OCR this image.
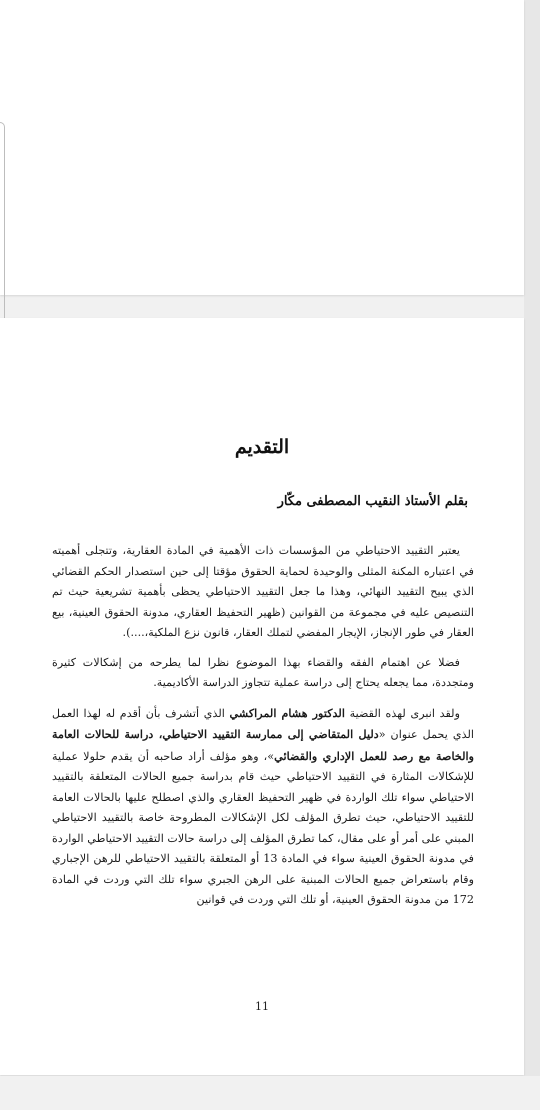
التقديم
بقلم الأستاذ النقيب المصطفى مكّار

يعتبر التقييد الاحتياطي من المؤسسات ذات الأهمية في المادة العقارية، وتتجلى أهميته في اعتباره المكنة المثلى والوحيدة لحماية الحقوق مؤقتا إلى حين استصدار الحكم القضائي الذي يبيح التقييد النهائي، وهذا ما جعل التقييد الاحتياطي يحظى بأهمية تشريعية حيث تم التنصيص عليه في مجموعة من القوانين (ظهير التحفيظ العقاري، مدونة الحقوق العينية، بيع العقار في طور الإنجاز، الإيجار المفضي لتملك العقار، قانون نزع الملكية،....).

فضلا عن اهتمام الفقه والقضاء بهذا الموضوع نظرا لما يطرحه من إشكالات كثيرة ومتجددة، مما يجعله يحتاج إلى دراسة عملية تتجاوز الدراسة الأكاديمية.

ولقد انبرى لهذه القضية الدكتور هشام المراكشي الذي أتشرف بأن أقدم له لهذا العمل الذي يحمل عنوان «دليل المتقاضي إلى ممارسة التقييد الاحتياطي، دراسة للحالات العامة والخاصة مع رصد للعمل الإداري والقضائي»، وهو مؤلف أراد صاحبه أن يقدم حلولا عملية للإشكالات المثارة في التقييد الاحتياطي حيث قام بدراسة جميع الحالات المتعلقة بالتقييد الاحتياطي سواء تلك الواردة في ظهير التحفيظ العقاري والذي اصطلح عليها بالحالات العامة للتقييد الاحتياطي، حيث تطرق المؤلف لكل الإشكالات المطروحة خاصة بالتقييد الاحتياطي المبني على أمر أو على مقال، كما تطرق المؤلف إلى دراسة حالات التقييد الاحتياطي الواردة في مدونة الحقوق العينية سواء في المادة 13 أو المتعلقة بالتقييد الاحتياطي للرهن الإجباري وقام باستعراض جميع الحالات المبنية على الرهن الجبري سواء تلك التي وردت في المادة 172 من مدونة الحقوق العينية، أو تلك التي وردت في قوانين

11
